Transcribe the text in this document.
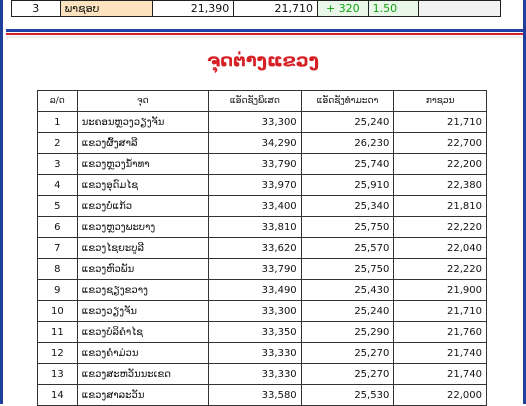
3	ພາຊອບ	21,390	21,710	+ 320	1.50	
ຈຸດຕ່າງແຂວງ
ລ/ດ	ຈຸດ	ແອັດຊັງພິເສດ	ແອັດຊັງທໍາມະດາ	ກາຊວນ
1	ນະຄອນຫຼວງວຽງຈັນ	33,300	25,240	21,710
2	ແຂວງຜົ້ງສາລີ	34,290	26,230	22,700
3	ແຂວງຫຼວງນໍ້າທາ	33,790	25,740	22,200
4	ແຂວງອຸດົມໄຊ	33,970	25,910	22,380
5	ແຂວງບໍ່ແກ້ວ	33,400	25,340	21,810
6	ແຂວງຫຼວງພະບາງ	33,810	25,750	22,220
7	ແຂວງໄຊຍະບູລີ	33,620	25,570	22,040
8	ແຂວງຫົວພັນ	33,790	25,750	22,220
9	ແຂວງຊຽງຂວາງ	33,490	25,430	21,900
10	ແຂວງວຽງຈັນ	33,300	25,240	21,710
11	ແຂວງບໍລິຄໍາໄຊ	33,350	25,290	21,760
12	ແຂວງຄໍາມ່ວນ	33,330	25,270	21,740
13	ແຂວງສະຫວັນນະເຂດ	33,330	25,270	21,740
14	ແຂວງສາລະວັນ	33,580	25,530	22,000
